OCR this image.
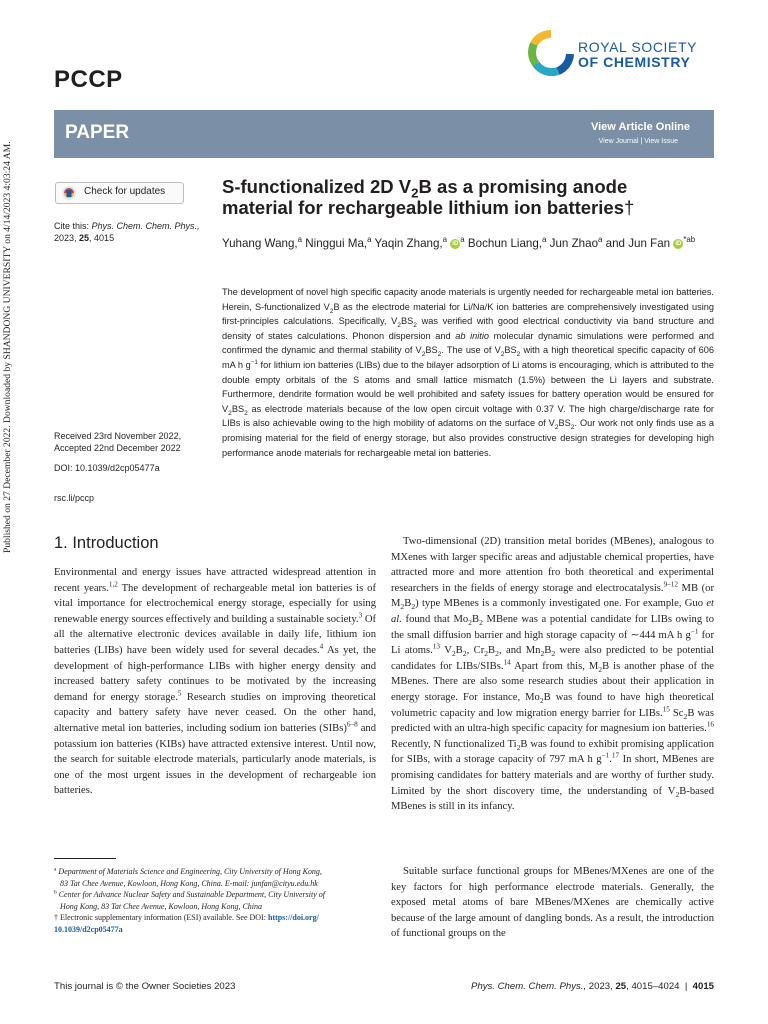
Published on 27 December 2022. Downloaded by SHANDONG UNIVERSITY on 4/14/2023 4:03:24 AM.
PCCP
ROYAL SOCIETY
OF CHEMISTRY
PAPER	View Article Online
View Journal | View Issue
Check for updates
Cite this: Phys. Chem. Chem. Phys.,
2023, 25, 4015
Received 23rd November 2022,
Accepted 22nd December 2022
DOI: 10.1039/d2cp05477a
rsc.li/pccp
S-functionalized 2D $V_2B$ as a promising anode material for rechargeable lithium ion batteries†
Yuhang Wang,$^a$ Ninggui Ma,$^a$ Yaqin Zhang,$^a$ iD $^a$ Bochun Liang,$^a$ Jun Zhao$^a$ and Jun Fan iD $^{*ab}$
The development of novel high specific capacity anode materials is urgently needed for rechargeable metal ion batteries. Herein, S-functionalized $V_2B$ as the electrode material for Li/Na/K ion batteries are comprehensively investigated using first-principles calculations. Specifically, $V_2BS_2$ was verified with good electrical conductivity via band structure and density of states calculations. Phonon dispersion and ab initio molecular dynamic simulations were performed and confirmed the dynamic and thermal stability of $V_2BS_2$. The use of $V_2BS_2$ with a high theoretical specific capacity of 606 mA h $g^{-1}$ for lithium ion batteries (LIBs) due to the bilayer adsorption of Li atoms is encouraging, which is attributed to the double empty orbitals of the S atoms and small lattice mismatch (1.5%) between the Li layers and substrate. Furthermore, dendrite formation would be well prohibited and safety issues for battery operation would be ensured for $V_2BS_2$ as electrode materials because of the low open circuit voltage with 0.37 V. The high charge/discharge rate for LIBs is also achievable owing to the high mobility of adatoms on the surface of $V_2BS_2$. Our work not only finds use as a promising material for the field of energy storage, but also provides constructive design strategies for developing high performance anode materials for rechargeable metal ion batteries.
1. Introduction
Environmental and energy issues have attracted widespread attention in recent years.$^{1,2}$ The development of rechargeable metal ion batteries is of vital importance for electrochemical energy storage, especially for using renewable energy sources effectively and building a sustainable society.$^3$ Of all the alternative electronic devices available in daily life, lithium ion batteries (LIBs) have been widely used for several decades.$^4$ As yet, the development of high-performance LIBs with higher energy density and increased battery safety continues to be motivated by the increasing demand for energy storage.$^5$ Research studies on improving theoretical capacity and battery safety have never ceased. On the other hand, alternative metal ion batteries, including sodium ion batteries (SIBs)$^{6-8}$ and potassium ion batteries (KIBs) have attracted extensive interest. Until now, the search for suitable electrode materials, particularly anode materials, is one of the most urgent issues in the development of rechargeable ion batteries.
Two-dimensional (2D) transition metal borides (MBenes), analogous to MXenes with larger specific areas and adjustable chemical properties, have attracted more and more attention fro both theoretical and experimental researchers in the fields of energy storage and electrocatalysis.$^{9-12}$ MB (or $M_2B_2$) type MBenes is a commonly investigated one. For example, Guo et al. found that $Mo_2B_2$ MBene was a potential candidate for LIBs owing to the small diffusion barrier and high storage capacity of ∼444 mA h $g^{-1}$ for Li atoms.$^{13}$ $V_2B_2$, $Cr_2B_2$, and $Mn_2B_2$ were also predicted to be potential candidates for LIBs/SIBs.$^{14}$ Apart from this, $M_2B$ is another phase of the MBenes. There are also some research studies about their application in energy storage. For instance, $Mo_2B$ was found to have high theoretical volumetric capacity and low migration energy barrier for LIBs.$^{15}$ $Sc_2B$ was predicted with an ultra-high specific capacity for magnesium ion batteries.$^{16}$ Recently, N functionalized $Ti_2B$ was found to exhibit promising application for SIBs, with a storage capacity of 797 mA h $g^{-1}.^{17}$ In short, MBenes are promising candidates for battery materials and are worthy of further study. Limited by the short discovery time, the understanding of $V_2B$-based MBenes is still in its infancy.
Suitable surface functional groups for MBenes/MXenes are one of the key factors for high performance electrode materials. Generally, the exposed metal atoms of bare MBenes/MXenes are chemically active because of the large amount of dangling bonds. As a result, the introduction of functional groups on the
$^a$ Department of Materials Science and Engineering, City University of Hong Kong,
83 Tat Chee Avenue, Kowloon, Hong Kong, China. E-mail: junfan@cityu.edu.hk
$^b$ Center for Advance Nuclear Safety and Sustainable Department, City University of
Hong Kong, 83 Tat Chee Avenue, Kowloon, Hong Kong, China
† Electronic supplementary information (ESI) available. See DOI: https://doi.org/
10.1039/d2cp05477a
This journal is © the Owner Societies 2023	Phys. Chem. Chem. Phys., 2023, 25, 4015–4024  |  4015
